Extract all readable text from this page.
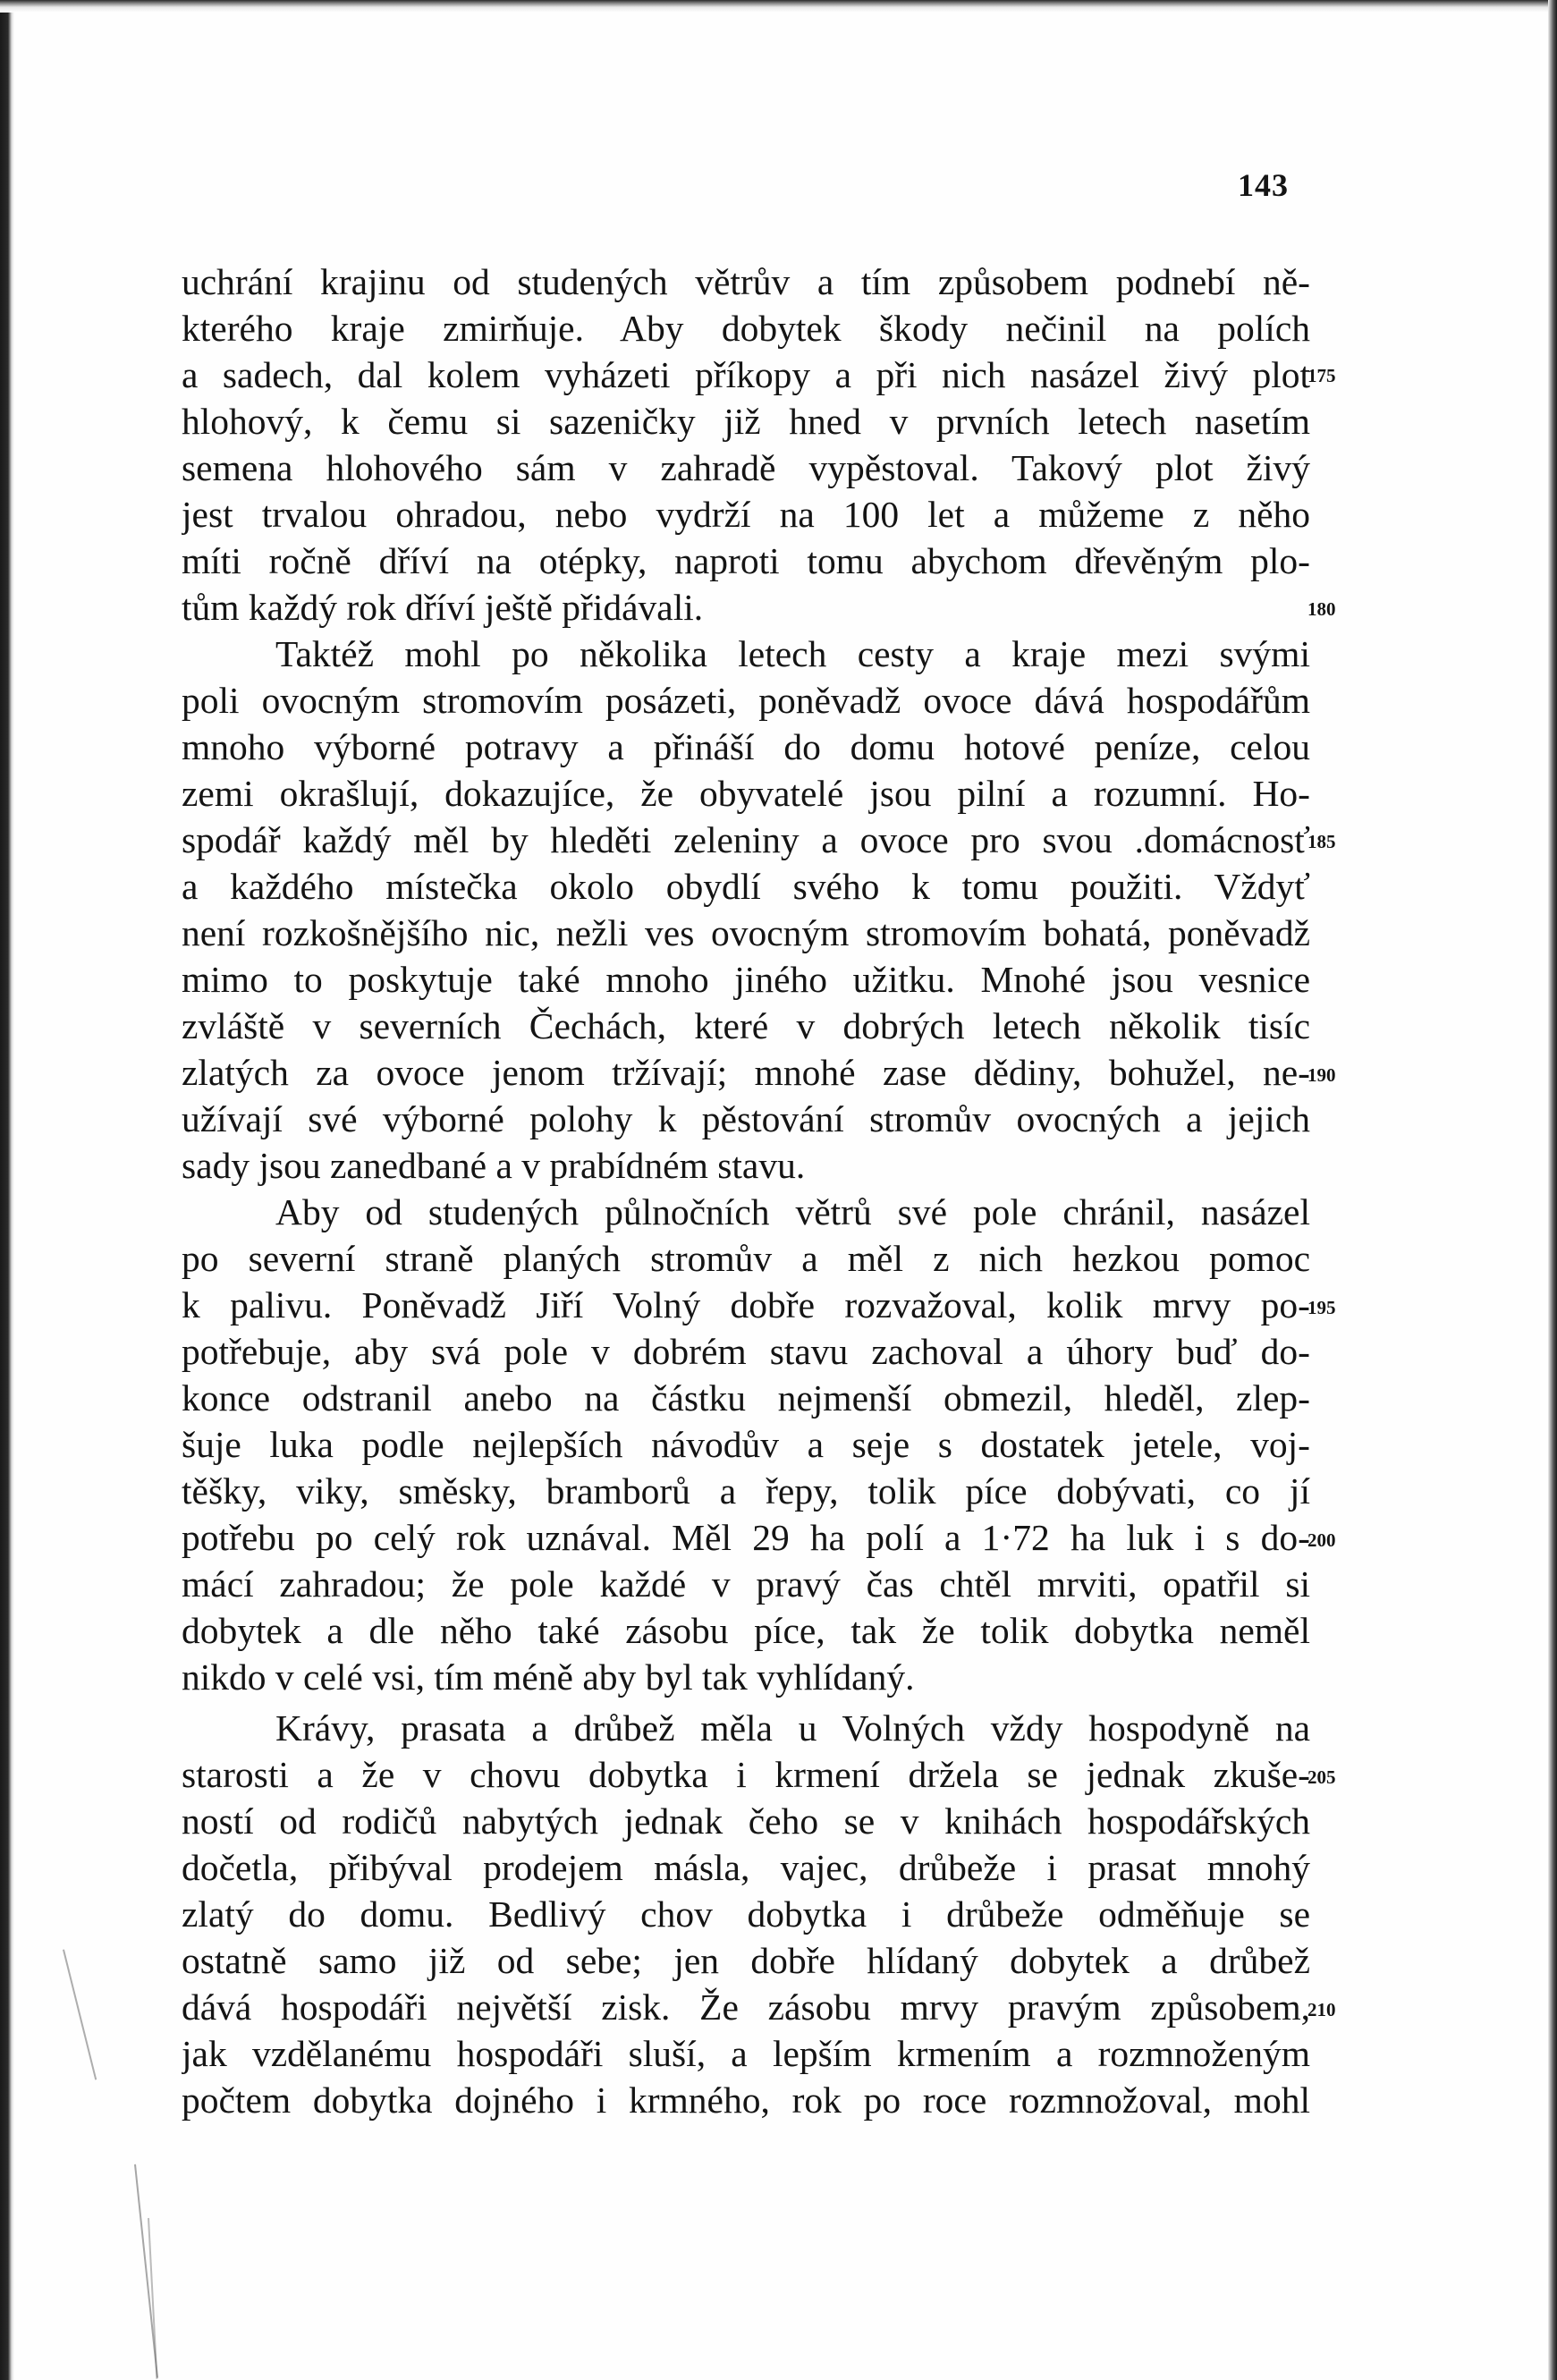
143
uchrání krajinu od studených větrův a tím způsobem podnebí ně-
kterého kraje zmirňuje. Aby dobytek škody nečinil na polích
a sadech, dal kolem vyházeti příkopy a při nich nasázel živý plot
hlohový, k čemu si sazeničky již hned v prvních letech nasetím
semena hlohového sám v zahradě vypěstoval. Takový plot živý
jest trvalou ohradou, nebo vydrží na 100 let a můžeme z něho
míti ročně dříví na otépky, naproti tomu abychom dřevěným plo-
tům každý rok dříví ještě přidávali.
Taktéž mohl po několika letech cesty a kraje mezi svými
poli ovocným stromovím posázeti, poněvadž ovoce dává hospodářům
mnoho výborné potravy a přináší do domu hotové peníze, celou
zemi okrašlují, dokazujíce, že obyvatelé jsou pilní a rozumní. Ho-
spodář každý měl by hleděti zeleniny a ovoce pro svou .domácnosť
a každého místečka okolo obydlí svého k tomu použiti. Vždyť
není rozkošnějšího nic, nežli ves ovocným stromovím bohatá, poněvadž
mimo to poskytuje také mnoho jiného užitku. Mnohé jsou vesnice
zvláště v severních Čechách, které v dobrých letech několik tisíc
zlatých za ovoce jenom tržívají; mnohé zase dědiny, bohužel, ne-
užívají své výborné polohy k pěstování stromův ovocných a jejich
sady jsou zanedbané a v prabídném stavu.
Aby od studených půlnočních větrů své pole chránil, nasázel
po severní straně planých stromův a měl z nich hezkou pomoc
k palivu. Poněvadž Jiří Volný dobře rozvažoval, kolik mrvy po-
potřebuje, aby svá pole v dobrém stavu zachoval a úhory buď do-
konce odstranil anebo na částku nejmenší obmezil, hleděl, zlep-
šuje luka podle nejlepších návodův a seje s dostatek jetele, voj-
těšky, viky, směsky, bramborů a řepy, tolik píce dobývati, co jí
potřebu po celý rok uznával. Měl 29 ha polí a 1·72 ha luk i s do-
mácí zahradou; že pole každé v pravý čas chtěl mrviti, opatřil si
dobytek a dle něho také zásobu píce, tak že tolik dobytka neměl
nikdo v celé vsi, tím méně aby byl tak vyhlídaný.
Krávy, prasata a drůbež měla u Volných vždy hospodyně na
starosti a že v chovu dobytka i krmení držela se jednak zkuše-
ností od rodičů nabytých jednak čeho se v knihách hospodářských
dočetla, přibýval prodejem másla, vajec, drůbeže i prasat mnohý
zlatý do domu. Bedlivý chov dobytka i drůbeže odměňuje se
ostatně samo již od sebe; jen dobře hlídaný dobytek a drůbež
dává hospodáři největší zisk. Že zásobu mrvy pravým způsobem,
jak vzdělanému hospodáři sluší, a lepším krmením a rozmnoženým
počtem dobytka dojného i krmného, rok po roce rozmnožoval, mohl
175
180
185
190
195
200
205
210
